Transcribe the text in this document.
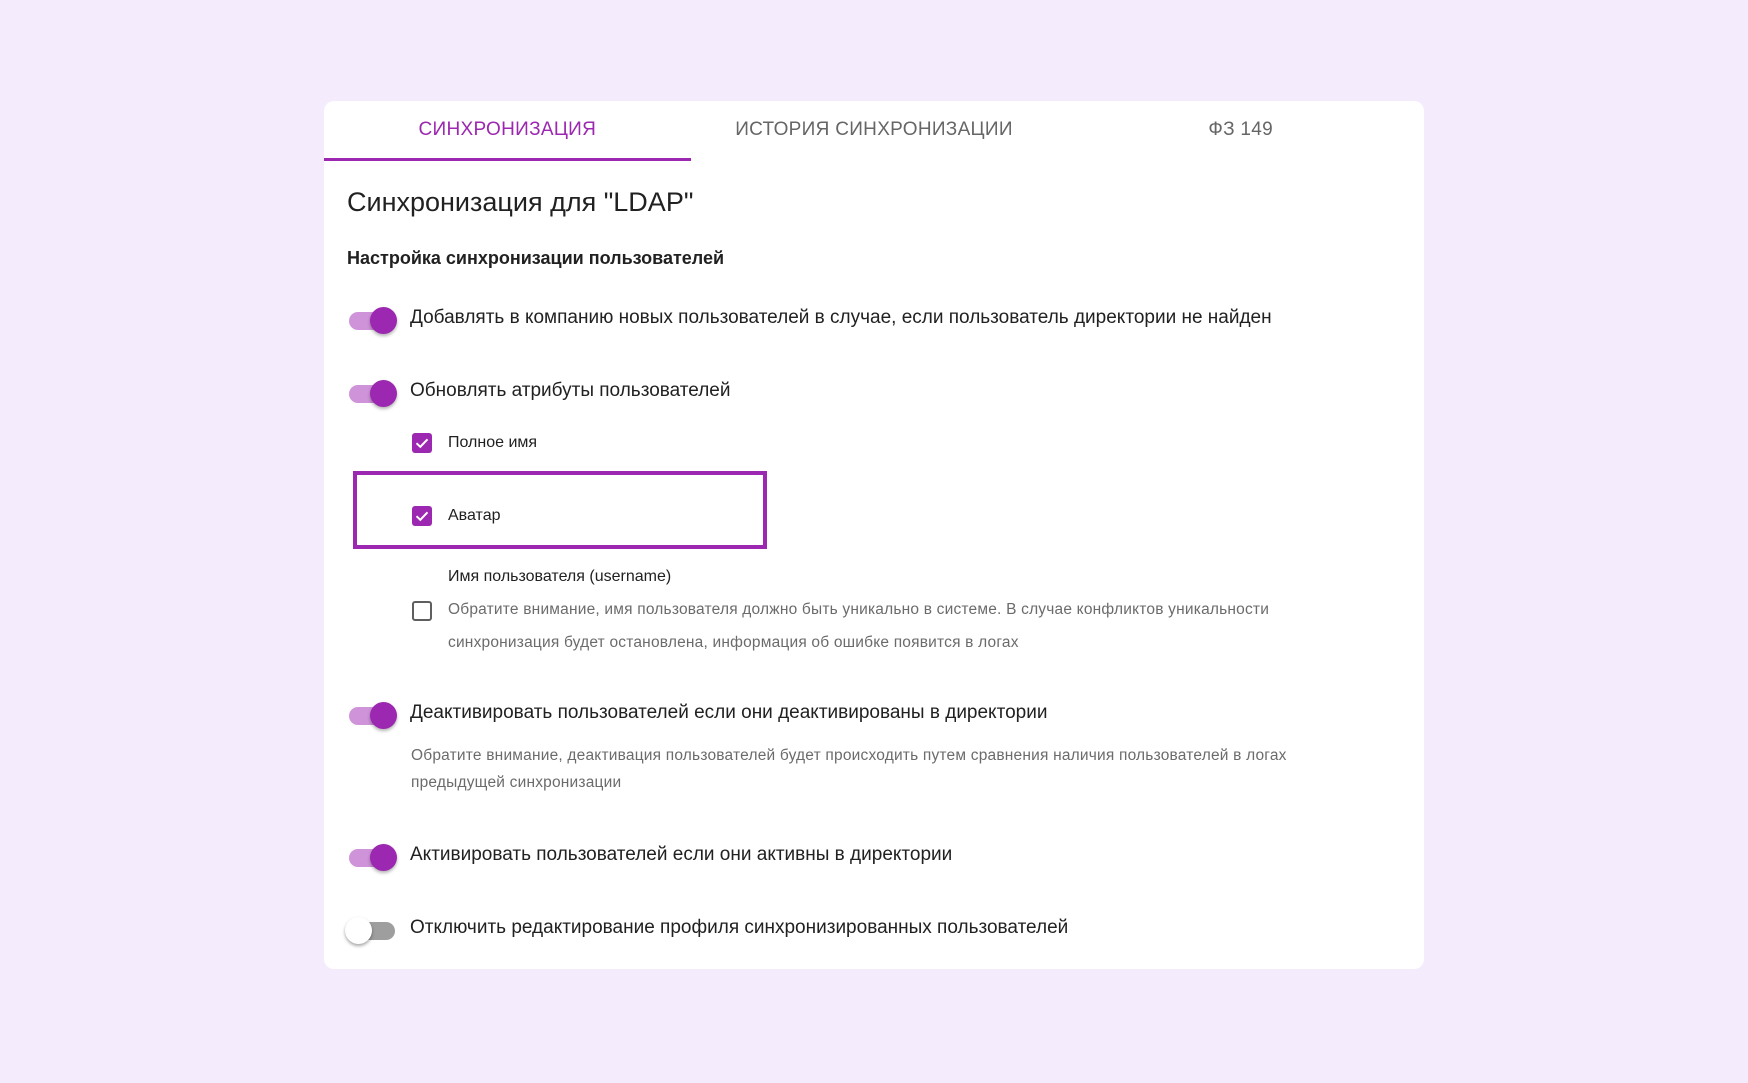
СИНХРОНИЗАЦИЯ	ИСТОРИЯ СИНХРОНИЗАЦИИ	ФЗ 149
Синхронизация для "LDAP"
Настройка синхронизации пользователей
Добавлять в компанию новых пользователей в случае, если пользователь директории не найден
Обновлять атрибуты пользователей
Полное имя
Аватар
Имя пользователя (username)
Обратите внимание, имя пользователя должно быть уникально в системе. В случае конфликтов уникальности
синхронизация будет остановлена, информация об ошибке появится в логах
Деактивировать пользователей если они деактивированы в директории
Обратите внимание, деактивация пользователей будет происходить путем сравнения наличия пользователей в логах
предыдущей синхронизации
Активировать пользователей если они активны в директории
Отключить редактирование профиля синхронизированных пользователей
